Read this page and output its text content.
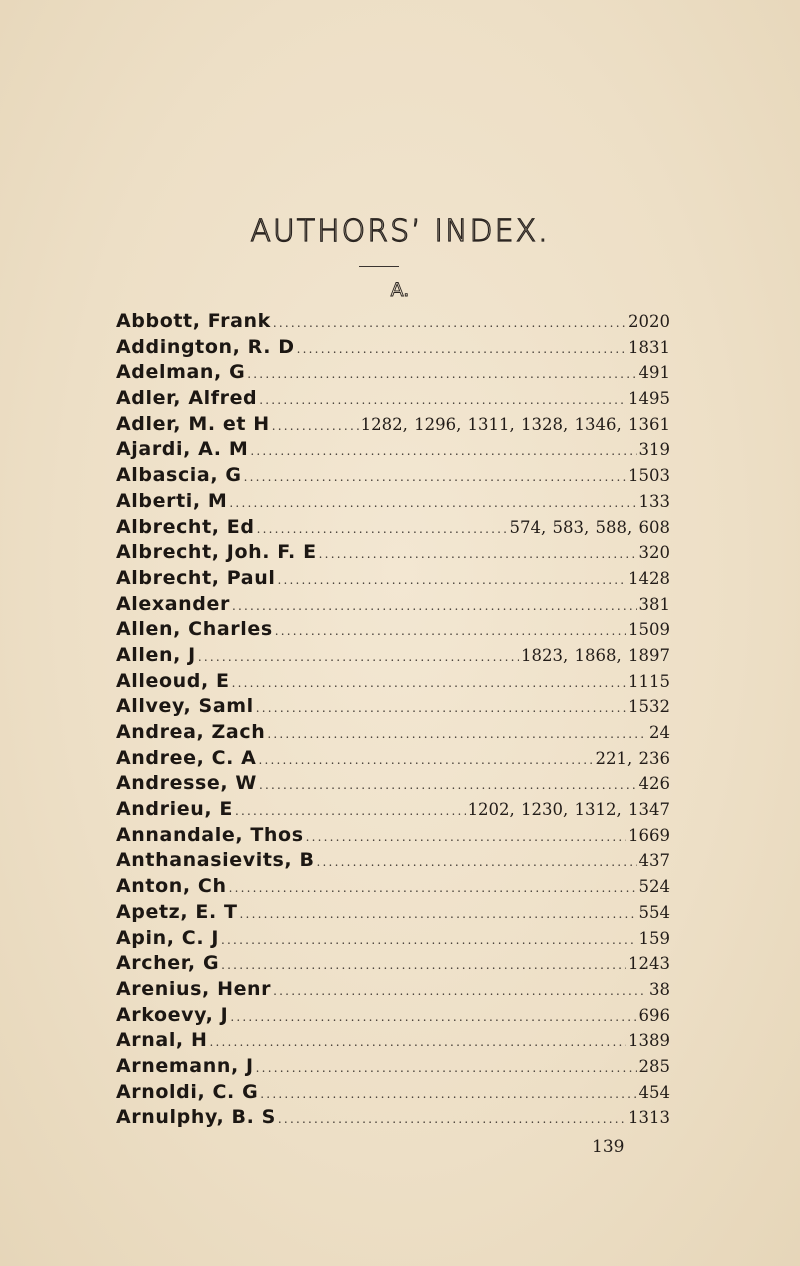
AUTHORS’ INDEX.
A.
Abbott, Frank .....	2020
Addington, R. D .....	1831
Adelman, G .....	491
Adler, Alfred .....	1495
Adler, M. et H .....	1282, 1296, 1311, 1328, 1346, 1361
Ajardi, A. M .....	319
Albascia, G .....	1503
Alberti, M .....	133
Albrecht, Ed .....	574, 583, 588, 608
Albrecht, Joh. F. E .....	320
Albrecht, Paul .....	1428
Alexander .....	381
Allen, Charles .....	1509
Allen, J .....	1823, 1868, 1897
Alleoud, E .....	1115
Allvey, Saml .....	1532
Andrea, Zach .....	24
Andree, C. A .....	221, 236
Andresse, W .....	426
Andrieu, E .....	1202, 1230, 1312, 1347
Annandale, Thos .....	1669
Anthanasievits, B .....	437
Anton, Ch .....	524
Apetz, E. T .....	554
Apin, C. J .....	159
Archer, G .....	1243
Arenius, Henr .....	38
Arkoevy, J .....	696
Arnal, H .....	1389
Arnemann, J .....	285
Arnoldi, C. G .....	454
Arnulphy, B. S .....	1313
139
